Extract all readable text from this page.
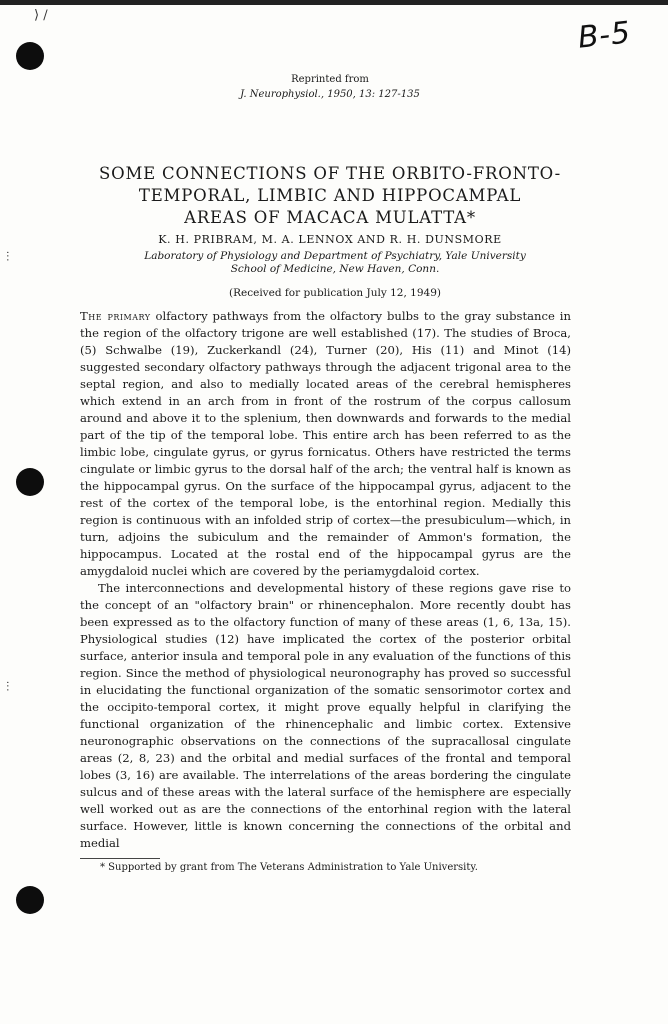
⟩ /
⫶
⫶
B-5
Reprinted from
J. Neurophysiol., 1950, 13: 127-135
SOME CONNECTIONS OF THE ORBITO-FRONTO-
TEMPORAL, LIMBIC AND HIPPOCAMPAL
AREAS OF MACACA MULATTA*
K. H. PRIBRAM, M. A. LENNOX AND R. H. DUNSMORE
Laboratory of Physiology and Department of Psychiatry, Yale University
School of Medicine, New Haven, Conn.
(Received for publication July 12, 1949)

The primary olfactory pathways from the olfactory bulbs to the gray substance in the region of the olfactory trigone are well established (17). The studies of Broca, (5) Schwalbe (19), Zuckerkandl (24), Turner (20), His (11) and Minot (14) suggested secondary olfactory pathways through the adjacent trigonal area to the septal region, and also to medially located areas of the cerebral hemispheres which extend in an arch from in front of the rostrum of the corpus callosum around and above it to the splenium, then downwards and forwards to the medial part of the tip of the temporal lobe. This entire arch has been referred to as the limbic lobe, cingulate gyrus, or gyrus fornicatus. Others have restricted the terms cingulate or limbic gyrus to the dorsal half of the arch; the ventral half is known as the hippocampal gyrus. On the surface of the hippocampal gyrus, adjacent to the rest of the cortex of the temporal lobe, is the entorhinal region. Medially this region is continuous with an infolded strip of cortex—the presubiculum—which, in turn, adjoins the subiculum and the remainder of Ammon's formation, the hippocampus. Located at the rostal end of the hippocampal gyrus are the amygdaloid nuclei which are covered by the periamygdaloid cortex.

The interconnections and developmental history of these regions gave rise to the concept of an "olfactory brain" or rhinencephalon. More recently doubt has been expressed as to the olfactory function of many of these areas (1, 6, 13a, 15). Physiological studies (12) have implicated the cortex of the posterior orbital surface, anterior insula and temporal pole in any evaluation of the functions of this region. Since the method of physiological neuronography has proved so successful in elucidating the functional organization of the somatic sensorimotor cortex and the occipito-temporal cortex, it might prove equally helpful in clarifying the functional organization of the rhinencephalic and limbic cortex. Extensive neuronographic observations on the connections of the supracallosal cingulate areas (2, 8, 23) and the orbital and medial surfaces of the frontal and temporal lobes (3, 16) are available. The interrelations of the areas bordering the cingulate sulcus and of these areas with the lateral surface of the hemisphere are especially well worked out as are the connections of the entorhinal region with the lateral surface. However, little is known concerning the connections of the orbital and medial

* Supported by grant from The Veterans Administration to Yale University.
